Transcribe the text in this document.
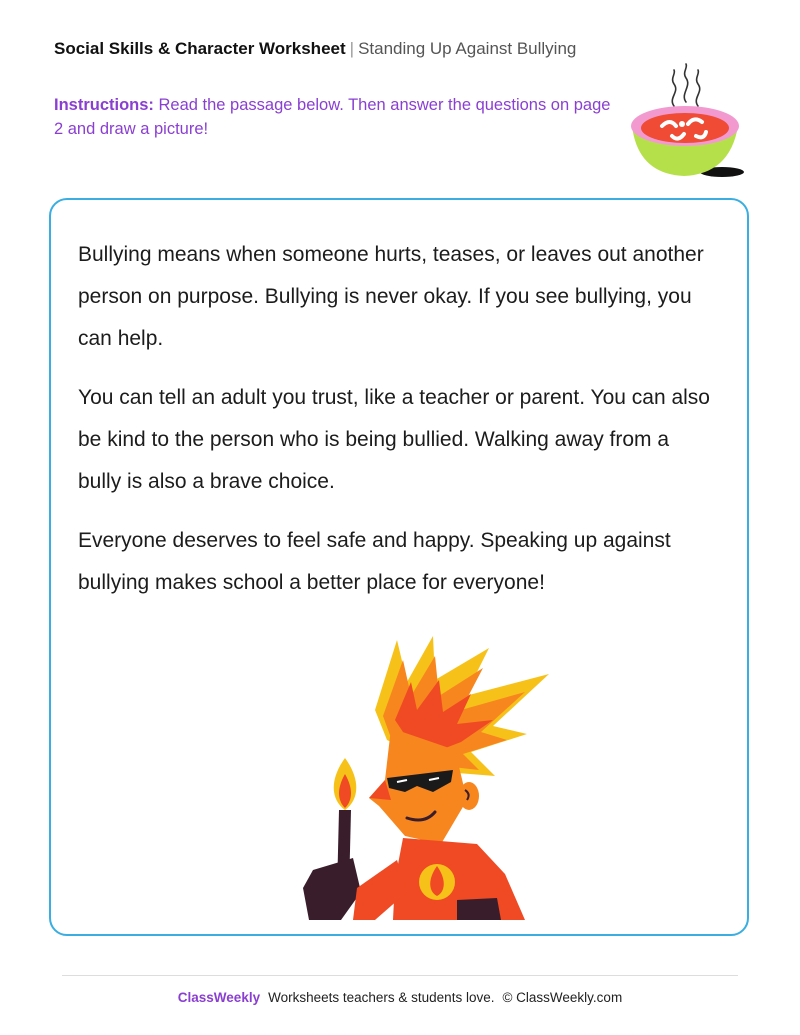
Social Skills & Character Worksheet | Standing Up Against Bullying
Instructions: Read the passage below. Then answer the questions on page 2 and draw a picture!

Bullying means when someone hurts, teases, or leaves out another person on purpose. Bullying is never okay. If you see bullying, you can help.

You can tell an adult you trust, like a teacher or parent. You can also be kind to the person who is being bullied. Walking away from a bully is also a brave choice.

Everyone deserves to feel safe and happy. Speaking up against bullying makes school a better place for everyone!

ClassWeekly Worksheets teachers & students love. © ClassWeekly.com
